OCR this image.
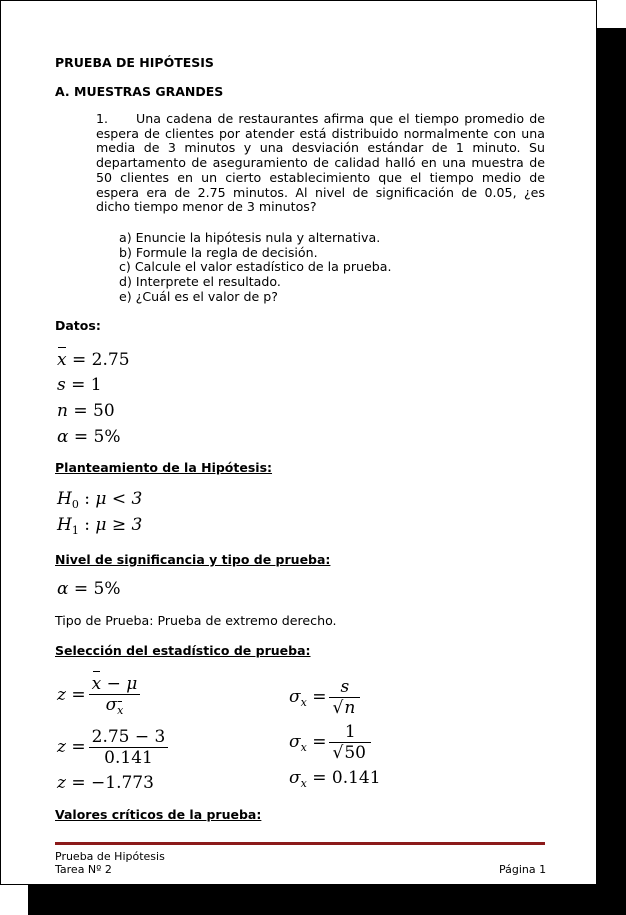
PRUEBA DE HIPÓTESIS
A. MUESTRAS GRANDES
1. Una cadena de restaurantes afirma que el tiempo promedio de espera de clientes por atender está distribuido normalmente con una media de 3 minutos y una desviación estándar de 1 minuto. Su departamento de aseguramiento de calidad halló en una muestra de 50 clientes en un cierto establecimiento que el tiempo medio de espera era de 2.75 minutos. Al nivel de significación de 0.05, ¿es dicho tiempo menor de 3 minutos?
a) Enuncie la hipótesis nula y alternativa.
b) Formule la regla de decisión.
c) Calcule el valor estadístico de la prueba.
d) Interprete el resultado.
e) ¿Cuál es el valor de p?
Datos:
x = 2.75
s = 1
n = 50
α = 5%
Planteamiento de la Hipótesis:
$H_0$ : μ < 3
$H_1$ : μ ≥ 3
Nivel de significancia y tipo de prueba:
α = 5%
Tipo de Prueba: Prueba de extremo derecho.
Selección del estadístico de prueba:
$z = \frac{x - \mu}{\sigma_x}$
$z = \frac{2.75 - 3}{0.141}$
z = −1.773
$\sigma_x = \frac{s}{√n}$
$\sigma_x = \frac{1}{√50}$
$\sigma_x = 0.141$
Valores críticos de la prueba:
Prueba de Hipótesis
Tarea Nº 2	Página 1
